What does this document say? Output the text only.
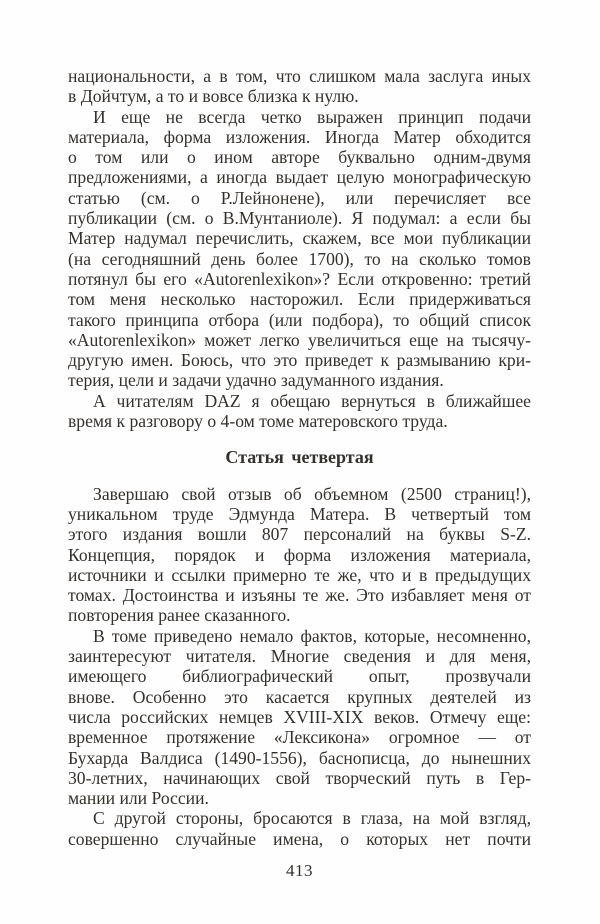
национальности, а в том, что слишком мала заслуга иных
в Дойчтум, а то и вовсе близка к нулю.
И еще не всегда четко выражен принцип подачи
материала, форма изложения. Иногда Матер обходится
о том или о ином авторе буквально одним-двумя
предложениями, а иногда выдает целую монографическую
статью (см. о Р.Лейнонене), или перечисляет все
публикации (см. о В.Мунтаниоле). Я подумал: а если бы
Матер надумал перечислить, скажем, все мои публикации
(на сегодняшний день более 1700), то на сколько томов
потянул бы его «Autorenlexikon»? Если откровенно: третий
том меня несколько насторожил. Если придерживаться
такого принципа отбора (или подбора), то общий список
«Autorenlexikon» может легко увеличиться еще на тысячу-
другую имен. Боюсь, что это приведет к размыванию кри-
терия, цели и задачи удачно задуманного издания.
А читателям DAZ я обещаю вернуться в ближайшее
время к разговору о 4-ом томе матеровского труда.
Статья четвертая
Завершаю свой отзыв об объемном (2500 страниц!),
уникальном труде Эдмунда Матера. В четвертый том
этого издания вошли 807 персоналий на буквы S-Z.
Концепция, порядок и форма изложения материала,
источники и ссылки примерно те же, что и в предыдущих
томах. Достоинства и изъяны те же. Это избавляет меня от
повторения ранее сказанного.
В томе приведено немало фактов, которые, несомненно,
заинтересуют читателя. Многие сведения и для меня,
имеющего библиографический опыт, прозвучали
внове. Особенно это касается крупных деятелей из
числа российских немцев XVIII-XIX веков. Отмечу еще:
временное протяжение «Лексикона» огромное — от
Бухарда Валдиса (1490-1556), баснописца, до нынешних
30-летних, начинающих свой творческий путь в Гер-
мании или России.
С другой стороны, бросаются в глаза, на мой взгляд,
совершенно случайные имена, о которых нет почти
413
